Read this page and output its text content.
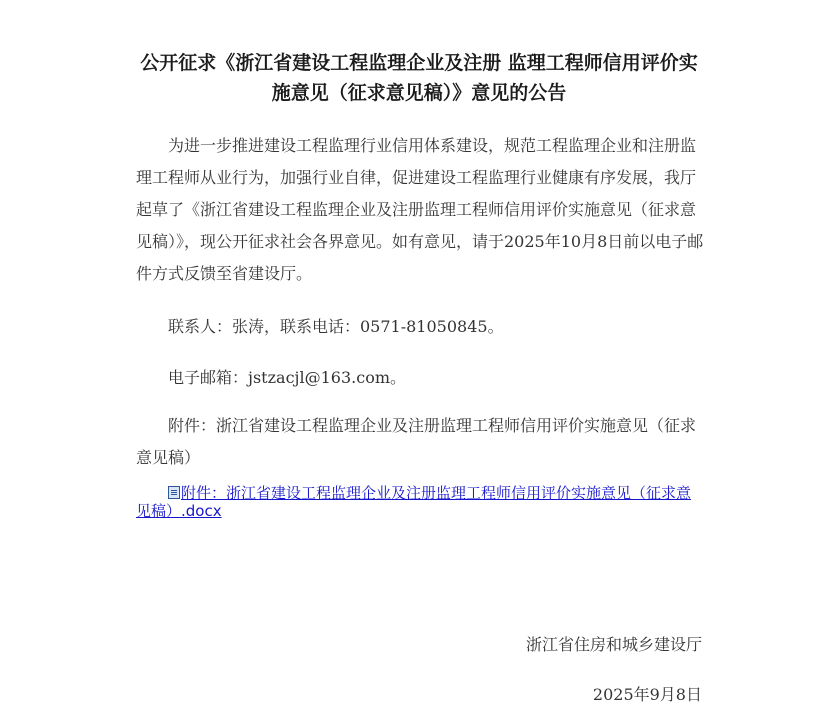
公开征求《浙江省建设工程监理企业及注册 监理工程师信用评价实施意见（征求意见稿）》意见的公告

为进一步推进建设工程监理行业信用体系建设，规范工程监理企业和注册监理工程师从业行为，加强行业自律，促进建设工程监理行业健康有序发展，我厅起草了《浙江省建设工程监理企业及注册监理工程师信用评价实施意见（征求意见稿）》，现公开征求社会各界意见。如有意见，请于2025年10月8日前以电子邮件方式反馈至省建设厅。

联系人：张涛，联系电话：0571-81050845。

电子邮箱：jstzacjl@163.com。

附件：浙江省建设工程监理企业及注册监理工程师信用评价实施意见（征求意见稿）

附件：浙江省建设工程监理企业及注册监理工程师信用评价实施意见（征求意见稿）.docx

浙江省住房和城乡建设厅

2025年9月8日
